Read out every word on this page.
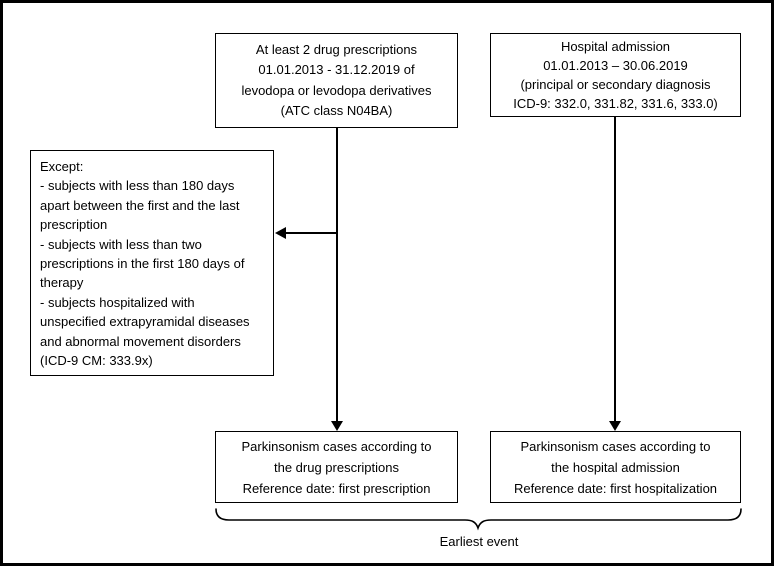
At least 2 drug prescriptions
01.01.2013 - 31.12.2019 of
levodopa or levodopa derivatives
(ATC class N04BA)
Hospital admission
01.01.2013 – 30.06.2019
(principal or secondary diagnosis
ICD-9: 332.0, 331.82, 331.6, 333.0)
Except:
- subjects with less than 180 days
apart between the first and the last
prescription
- subjects with less than two
prescriptions in the first 180 days of
therapy
- subjects hospitalized with
unspecified extrapyramidal diseases
and abnormal movement disorders
(ICD-9 CM: 333.9x)
Parkinsonism cases according to
the drug prescriptions
Reference date: first prescription
Parkinsonism cases according to
the hospital admission
Reference date: first hospitalization
Earliest event
